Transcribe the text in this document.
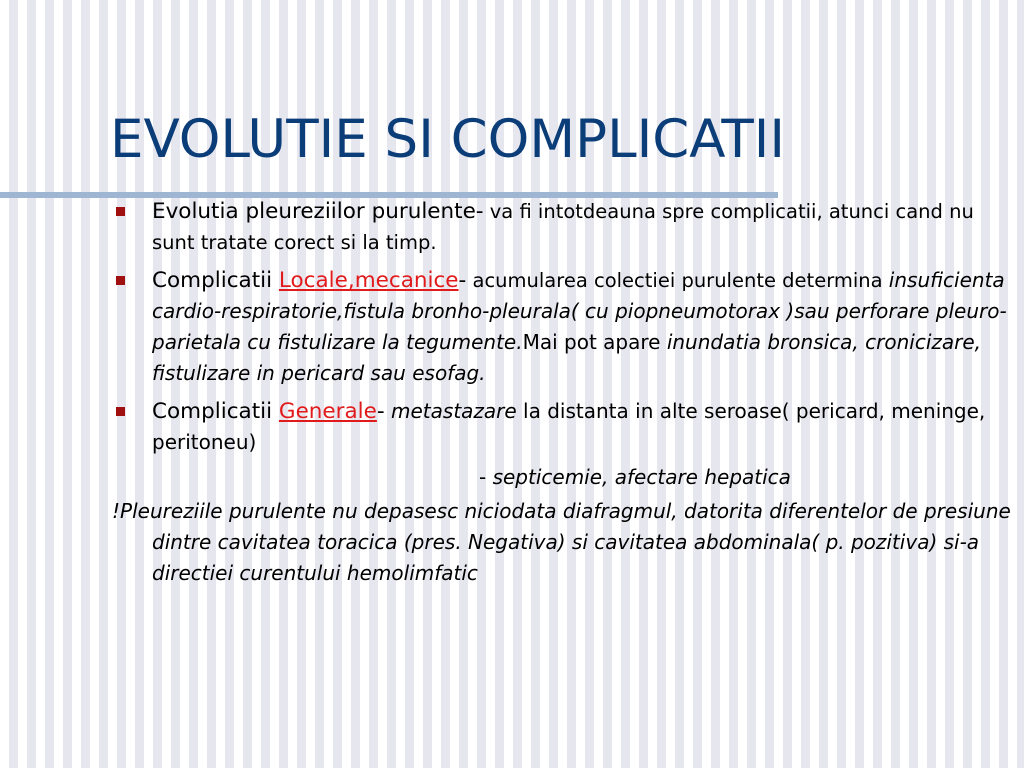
EVOLUTIE SI COMPLICATII
Evolutia pleureziilor purulente- va fi intotdeauna spre complicatii, atunci cand nu sunt tratate corect si la timp.
Complicatii Locale,mecanice- acumularea colectiei purulente determina insuficienta cardio-respiratorie,fistula bronho-pleurala( cu piopneumotorax )sau perforare pleuro- parietala cu fistulizare la tegumente.Mai pot apare inundatia bronsica, cronicizare, fistulizare in pericard sau esofag.
Complicatii Generale- metastazare la distanta in alte seroase( pericard, meninge, peritoneu)
- septicemie, afectare hepatica
!Pleureziile purulente nu depasesc niciodata diafragmul, datorita diferentelor de presiune dintre cavitatea toracica (pres. Negativa) si cavitatea abdominala( p. pozitiva) si-a directiei curentului hemolimfatic
